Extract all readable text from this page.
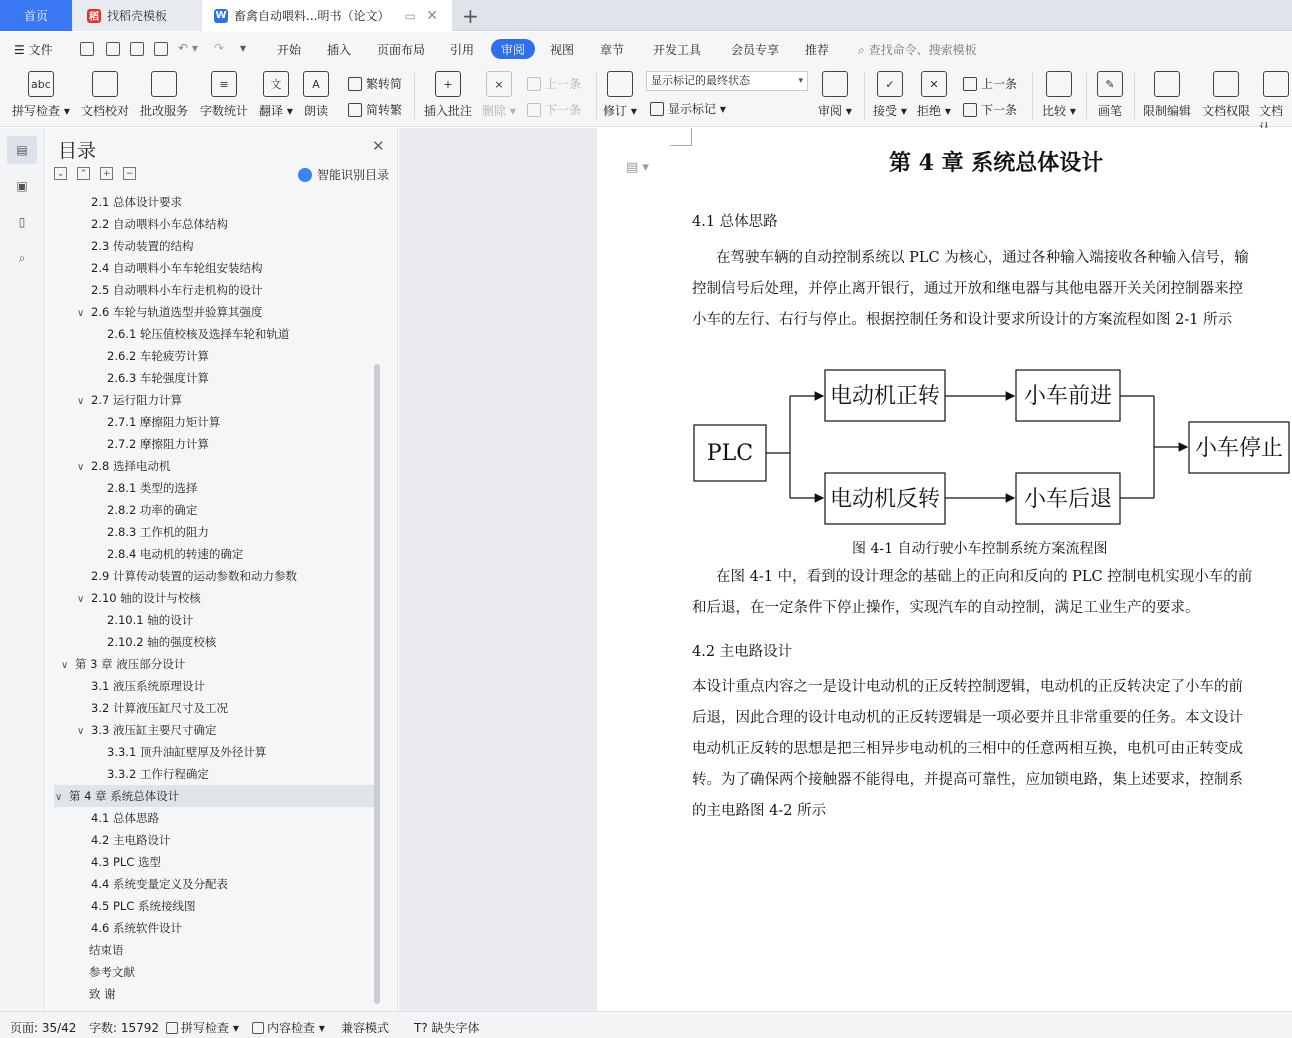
首页	稻 找稻壳模板	W 畜禽自动喂料...明书（论文） ▭ ✕ +
☰ 文件	↶ ▾ ↷ ▾	开始 插入 页面布局 引用	审阅	视图 章节 开发工具 会员专享 推荐 ⌕ 查找命令、搜索模板
abc
拼写检查 ▾ 文档校对 批改服务
≡
字数统计
文
翻译 ▾
A
朗读
繁转简
简转繁
+
插入批注
×
删除 ▾
上一条
下一条 修订 ▾	显示标记 ▾	审阅 ▾
✓
接受 ▾
✕
拒绝 ▾
上一条
下一条 比较 ▾
✎
画笔 限制编辑 文档权限 文档
显示标记的最终状态	▾
▤
▣
▯
⌕
目录	✕
⌄	⌃	+	−	智能识别目录
2.1 总体设计要求
2.2 自动喂料小车总体结构
2.3 传动装置的结构
2.4 自动喂料小车车轮组安装结构
2.5 自动喂料小车行走机构的设计
∨ 2.6 车轮与轨道选型并验算其强度
2.6.1 轮压值校核及选择车轮和轨道
2.6.2 车轮疲劳计算
2.6.3 车轮强度计算
∨ 2.7 运行阻力计算
2.7.1 摩擦阻力矩计算
2.7.2 摩擦阻力计算
∨ 2.8 选择电动机
2.8.1 类型的选择
2.8.2 功率的确定
2.8.3 工作机的阻力
2.8.4 电动机的转速的确定
2.9 计算传动装置的运动参数和动力参数
∨ 2.10 轴的设计与校核
2.10.1 轴的设计
2.10.2 轴的强度校核
∨ 第 3 章 液压部分设计
3.1 液压系统原理设计
3.2 计算液压缸尺寸及工况
∨ 3.3 液压缸主要尺寸确定
3.3.1 顶升油缸壁厚及外径计算
3.3.2 工作行程确定
∨ 第 4 章 系统总体设计
4.1 总体思路
4.2 主电路设计
4.3 PLC 选型
4.4 系统变量定义及分配表
4.5 PLC 系统接线图
4.6 系统软件设计
结束语
参考文献
致 谢
▤ ▾	第 4 章 系统总体设计
4.1 总体思路
在驾驶车辆的自动控制系统以 PLC 为核心，通过各种输入端接收各种输入信号，输
控制信号后处理，并停止离开银行，通过开放和继电器与其他电器开关关闭控制器来控
小车的左行、右行与停止。根据控制任务和设计要求所设计的方案流程如图 2-1 所示
PLC
电动机正转
电动机反转
小车前进
小车后退
小车停止
图 4-1 自动行驶小车控制系统方案流程图
在图 4-1 中，看到的设计理念的基础上的正向和反向的 PLC 控制电机实现小车的前
和后退，在一定条件下停止操作，实现汽车的自动控制，满足工业生产的要求。
4.2 主电路设计
本设计重点内容之一是设计电动机的正反转控制逻辑，电动机的正反转决定了小车的前
后退，因此合理的设计电动机的正反转逻辑是一项必要并且非常重要的任务。本文设计
电动机正反转的思想是把三相异步电动机的三相中的任意两相互换，电机可由正转变成
转。为了确保两个接触器不能得电，并提高可靠性，应加锁电路，集上述要求，控制系
的主电路图 4-2 所示
页面: 35/42 字数: 15792 拼写检查 ▾ 内容检查 ▾ 兼容模式 T? 缺失字体
